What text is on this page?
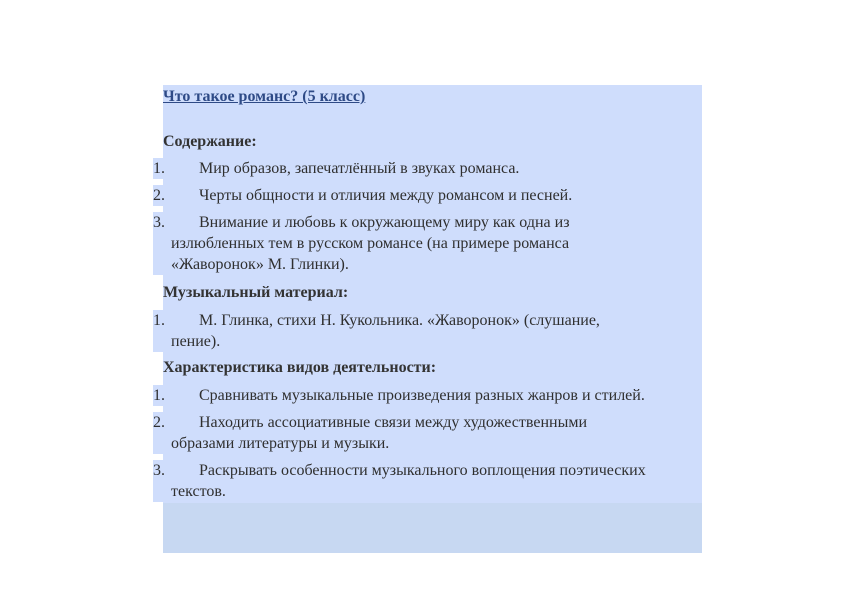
Что такое романс? (5 класс)
Содержание:
1.	Мир образов, запечатлённый в звуках романса.
2.	Черты общности и отличия между романсом и песней.
3.	Внимание и любовь к окружающему миру как одна из
излюбленных тем в русском романсе (на примере романса
«Жаворонок» М. Глинки).
Музыкальный материал:
1.	М. Глинка, стихи Н. Кукольника. «Жаворонок» (слушание,
пение).
Характеристика видов деятельности:
1.	Сравнивать музыкальные произведения разных жанров и стилей.
2.	Находить ассоциативные связи между художественными
образами литературы и музыки.
3.	Раскрывать особенности музыкального воплощения поэтических
текстов.
